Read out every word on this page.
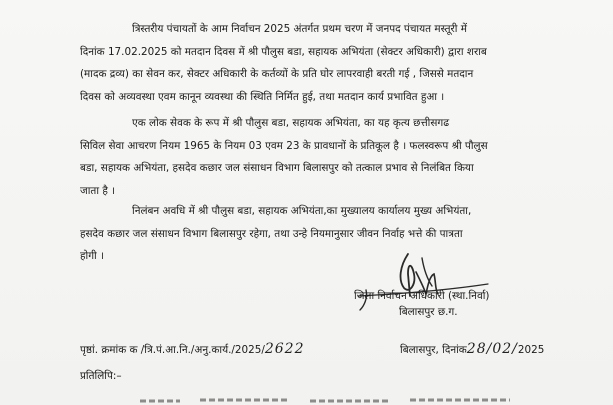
त्रिस्तरीय पंचायतों के आम निर्वाचन 2025 अंतर्गत प्रथम चरण में जनपद पंचायत मस्तूरी में
दिनांक 17.02.2025 को मतदान दिवस में श्री पौलुस बडा, सहायक अभियंता (सेक्टर अधिकारी) द्वारा शराब
(मादक द्रव्य) का सेवन कर, सेक्टर अधिकारी के कर्तव्यों के प्रति घोर लापरवाही बरती गई , जिससे मतदान
दिवस को अव्यवस्था एवम कानून व्यवस्था की स्थिति निर्मित हुई, तथा मतदान कार्य प्रभावित हुआ ।

एक लोक सेवक के रूप में श्री पौलुस बडा, सहायक अभियंता, का यह कृत्य छत्तीसगढ
सिविल सेवा आचरण नियम 1965 के नियम 03 एवम 23 के प्रावधानों के प्रतिकूल है । फलस्वरूप श्री पौलुस
बडा, सहायक अभियंता, हसदेव कछार जल संसाधन विभाग बिलासपुर को तत्काल प्रभाव से निलंबित किया
जाता है ।

निलंबन अवधि में श्री पौलुस बडा, सहायक अभियंता,का मुख्यालय कार्यालय मुख्य अभियंता,
हसदेव कछार जल संसाधन विभाग बिलासपुर रहेगा, तथा उन्हे नियमानुसार जीवन निर्वाह भत्ते की पात्रता
होगी ।

जिला निर्वाचन अधिकारी (स्था.निर्वा)
बिलासपुर छ.ग.
पृष्ठां. क्रमांक क /त्रि.पं.आ.नि./अनु.कार्य./2025/2622	बिलासपुर, दिनांक28/02/2025
प्रतिलिपि:–
